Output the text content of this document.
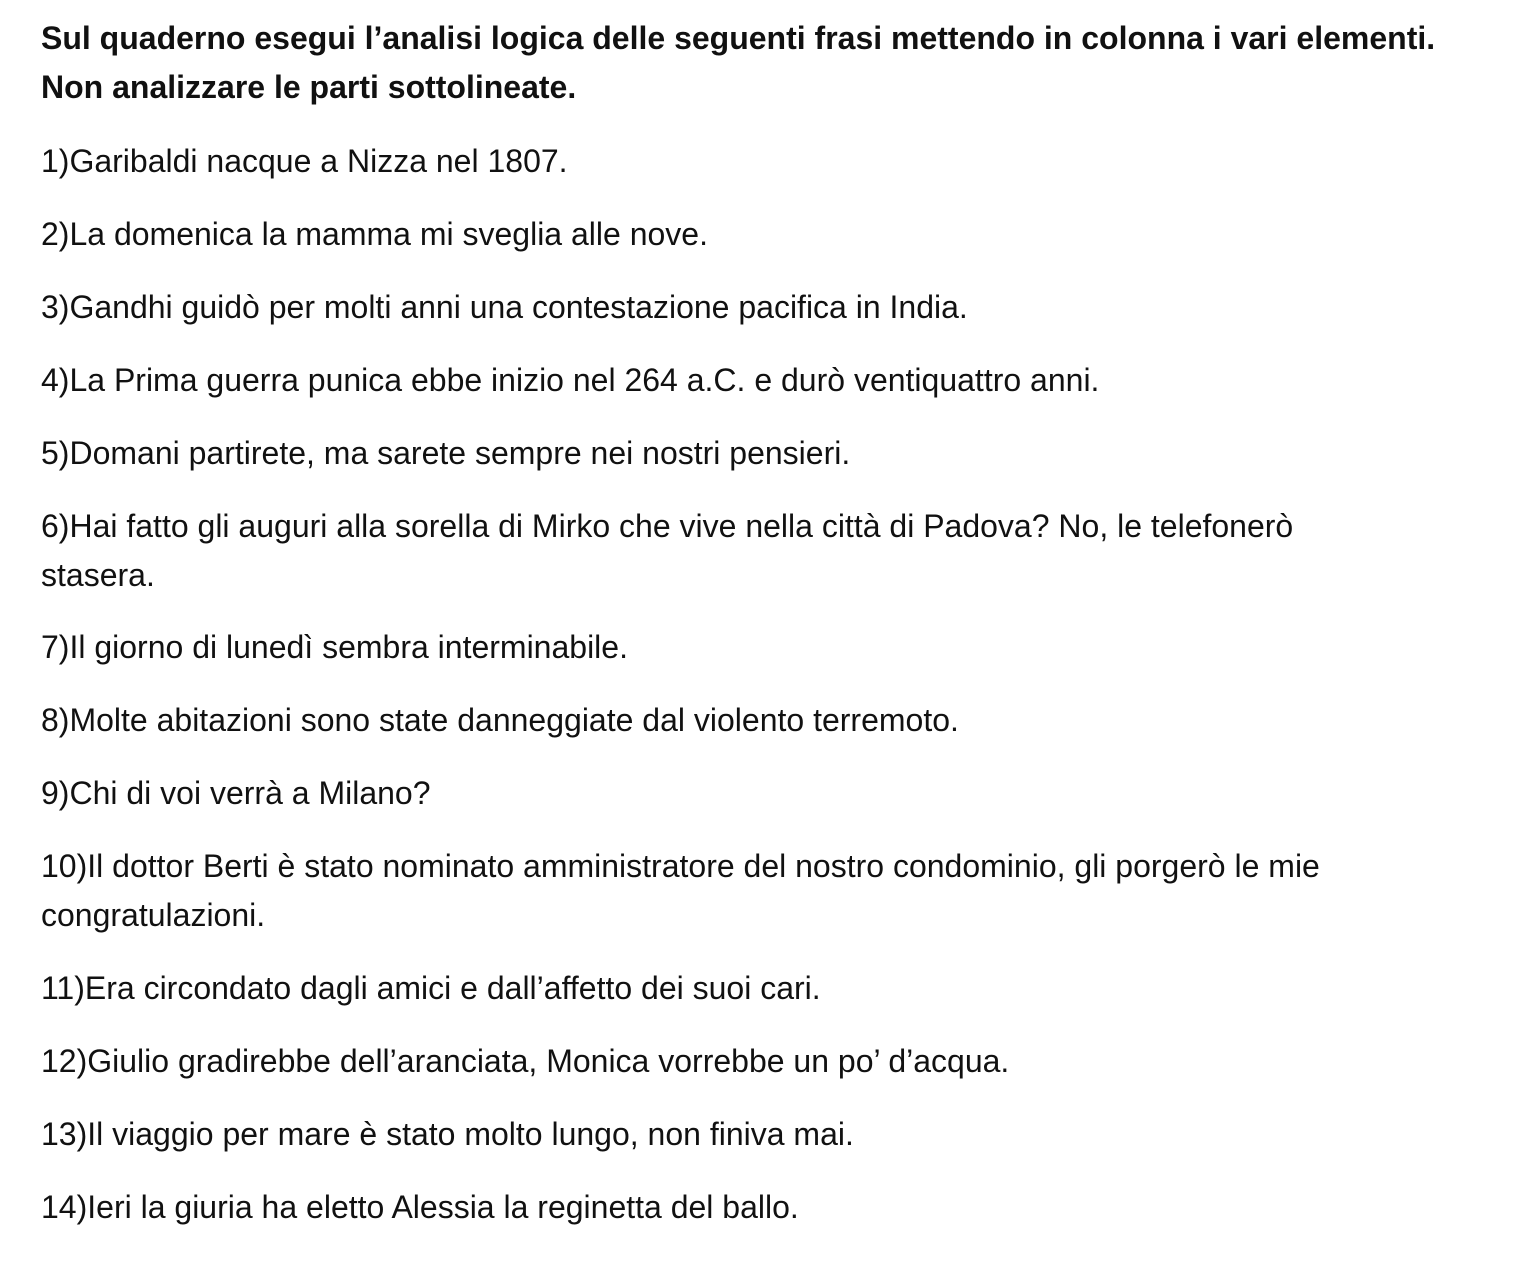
Sul quaderno esegui l’analisi logica delle seguenti frasi mettendo in colonna i vari elementi. Non analizzare le parti sottolineate.

1)Garibaldi nacque a Nizza nel 1807.

2)La domenica la mamma mi sveglia alle nove.

3)Gandhi guidò per molti anni una contestazione pacifica in India.

4)La Prima guerra punica ebbe inizio nel 264 a.C. e durò ventiquattro anni.

5)Domani partirete, ma sarete sempre nei nostri pensieri.

6)Hai fatto gli auguri alla sorella di Mirko che vive nella città di Padova? No, le telefonerò

stasera.

7)Il giorno di lunedì sembra interminabile.

8)Molte abitazioni sono state danneggiate dal violento terremoto.

9)Chi di voi verrà a Milano?

10)Il dottor Berti è stato nominato amministratore del nostro condominio, gli porgerò le mie

congratulazioni.

11)Era circondato dagli amici e dall’affetto dei suoi cari.

12)Giulio gradirebbe dell’aranciata, Monica vorrebbe un po’ d’acqua.

13)Il viaggio per mare è stato molto lungo, non finiva mai.

14)Ieri la giuria ha eletto Alessia la reginetta del ballo.
